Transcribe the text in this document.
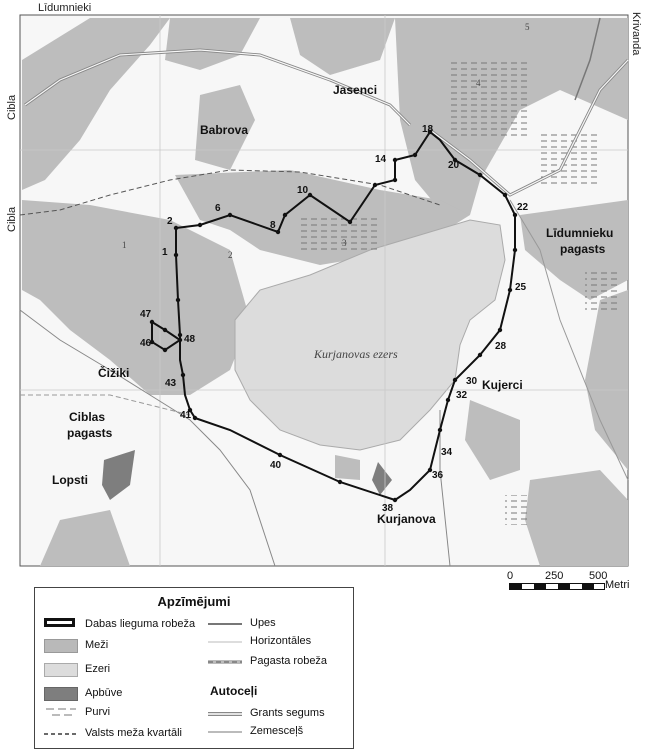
1
2
6
8
10
14
18
20
22
25
28
30
32
34
36
38
40
41
43
46
47
48
1
2
3
4
5
Babrova
Jasenci
Līdumnieku
pagasts
Čižiki
Ciblas
pagasts
Lopsti
Kujerci
Kurjanova
Kurjanovas ezers
Līdumnieki
Cibla
Cibla
Krivanda
0	250 500
Metri
Apzīmējumi
Dabas lieguma robeža
Meži
Ezeri
Apbūve
Purvi
Valsts meža kvartāli
Upes
Horizontāles
Pagasta robeža
Autoceļi
Grants segums
Zemesceļš
